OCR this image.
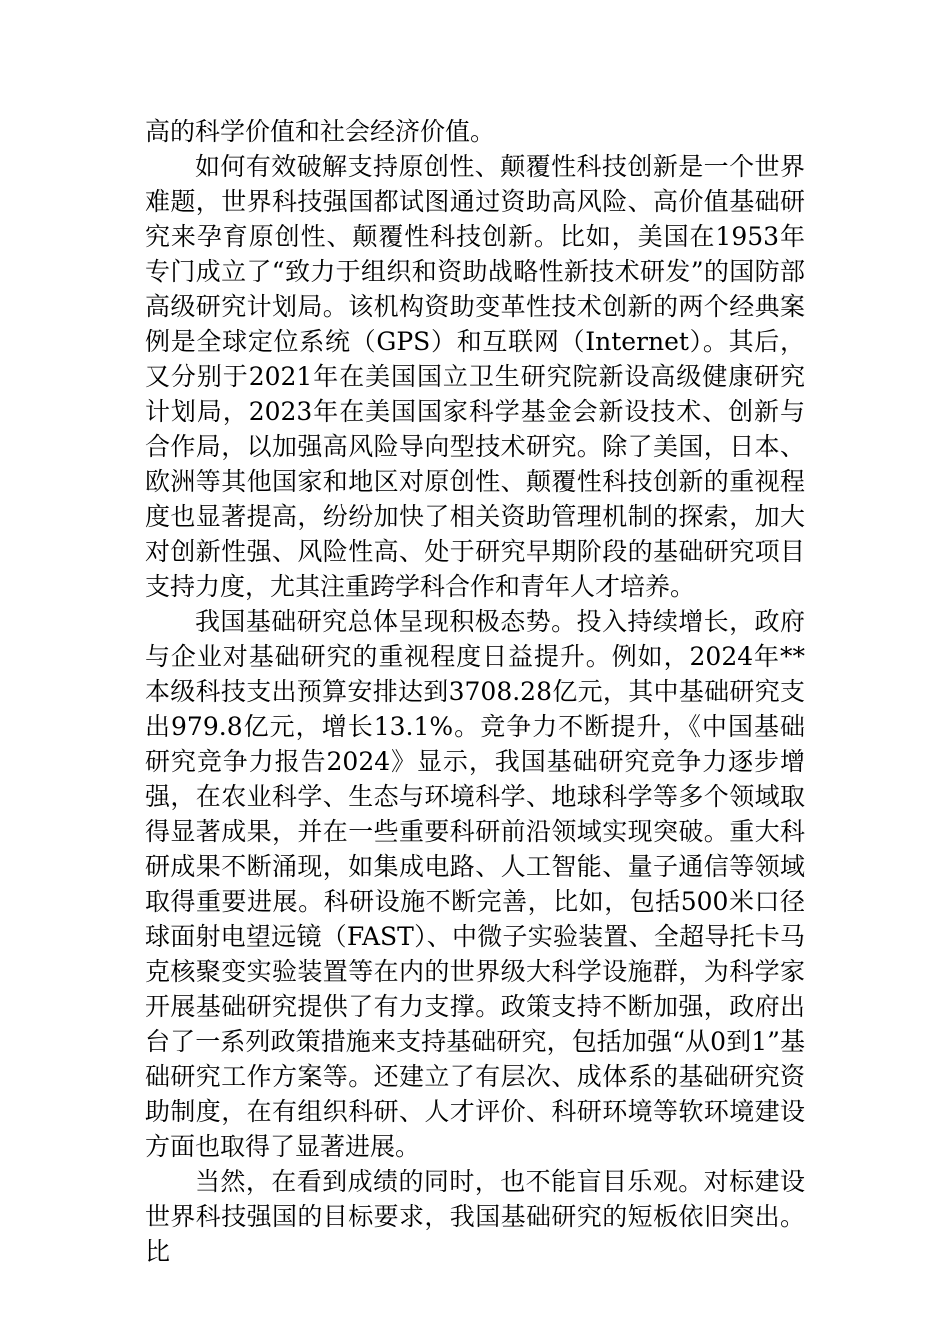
高的科学价值和社会经济价值。

如何有效破解支持原创性、颠覆性科技创新是一个世界难题，世界科技强国都试图通过资助高风险、高价值基础研究来孕育原创性、颠覆性科技创新。比如，美国在1953年专门成立了“致力于组织和资助战略性新技术研发”的国防部高级研究计划局。该机构资助变革性技术创新的两个经典案例是全球定位系统（GPS）和互联网（Internet）。其后，又分别于2021年在美国国立卫生研究院新设高级健康研究计划局，2023年在美国国家科学基金会新设技术、创新与合作局，以加强高风险导向型技术研究。除了美国，日本、欧洲等其他国家和地区对原创性、颠覆性科技创新的重视程度也显著提高，纷纷加快了相关资助管理机制的探索，加大对创新性强、风险性高、处于研究早期阶段的基础研究项目支持力度，尤其注重跨学科合作和青年人才培养。

我国基础研究总体呈现积极态势。投入持续增长，政府与企业对基础研究的重视程度日益提升。例如，2024年**本级科技支出预算安排达到3708.28亿元，其中基础研究支出979.8亿元，增长13.1%。竞争力不断提升，《中国基础研究竞争力报告2024》显示，我国基础研究竞争力逐步增强，在农业科学、生态与环境科学、地球科学等多个领域取得显著成果，并在一些重要科研前沿领域实现突破。重大科研成果不断涌现，如集成电路、人工智能、量子通信等领域取得重要进展。科研设施不断完善，比如，包括500米口径球面射电望远镜（FAST）、中微子实验装置、全超导托卡马克核聚变实验装置等在内的世界级大科学设施群，为科学家开展基础研究提供了有力支撑。政策支持不断加强，政府出台了一系列政策措施来支持基础研究，包括加强“从0到1”基础研究工作方案等。还建立了有层次、成体系的基础研究资助制度，在有组织科研、人才评价、科研环境等软环境建设方面也取得了显著进展。

当然，在看到成绩的同时，也不能盲目乐观。对标建设世界科技强国的目标要求，我国基础研究的短板依旧突出。比
